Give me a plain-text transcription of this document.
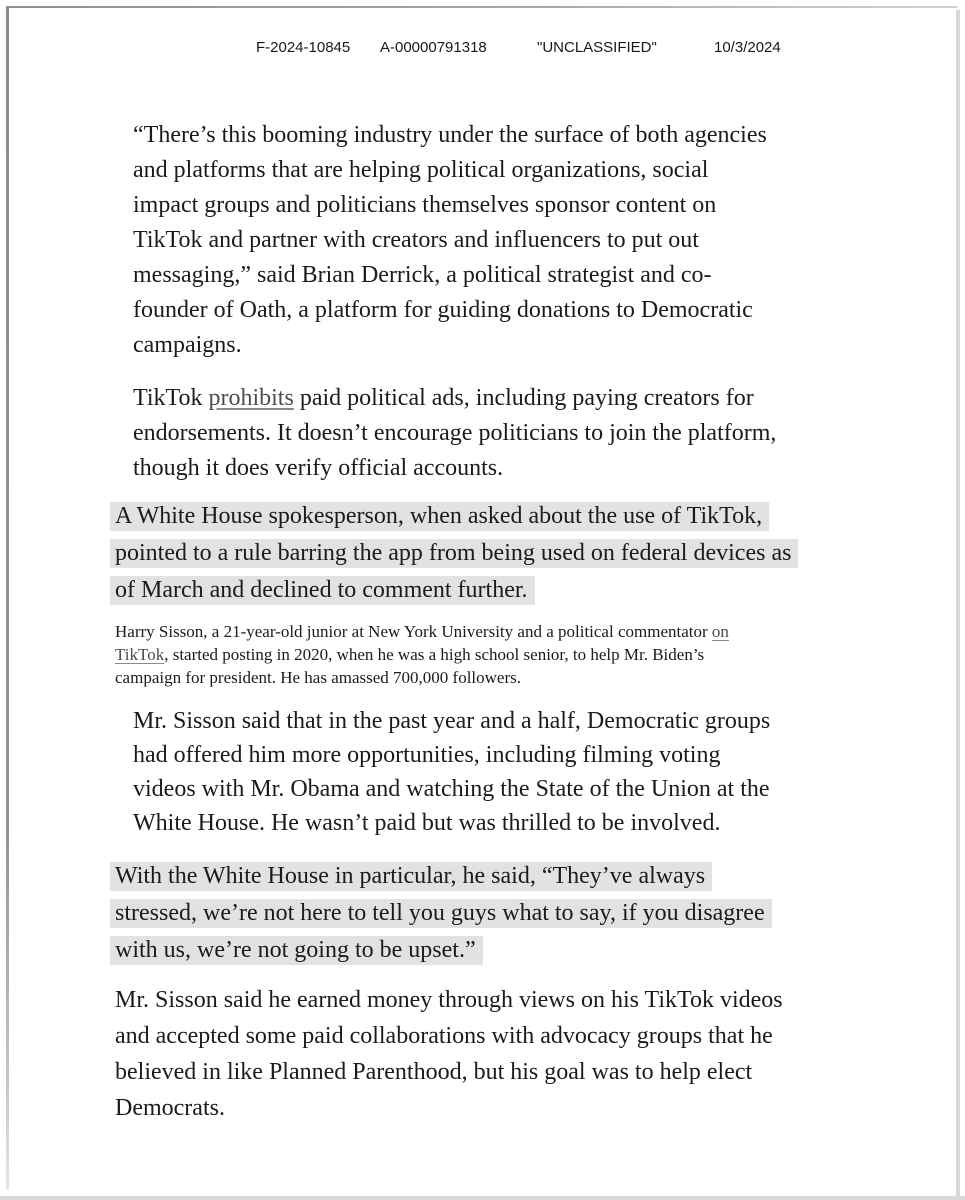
F-2024-10845 A-00000791318	"UNCLASSIFIED"	10/3/2024
“There’s this booming industry under the surface of both agencies
and platforms that are helping political organizations, social
impact groups and politicians themselves sponsor content on
TikTok and partner with creators and influencers to put out
messaging,” said Brian Derrick, a political strategist and co-
founder of Oath, a platform for guiding donations to Democratic
campaigns.
TikTok prohibits paid political ads, including paying creators for
endorsements. It doesn’t encourage politicians to join the platform,
though it does verify official accounts.
A White House spokesperson, when asked about the use of TikTok,
pointed to a rule barring the app from being used on federal devices as
of March and declined to comment further.
Harry Sisson, a 21-year-old junior at New York University and a political commentator on
TikTok, started posting in 2020, when he was a high school senior, to help Mr. Biden’s
campaign for president. He has amassed 700,000 followers.
Mr. Sisson said that in the past year and a half, Democratic groups
had offered him more opportunities, including filming voting
videos with Mr. Obama and watching the State of the Union at the
White House. He wasn’t paid but was thrilled to be involved.
With the White House in particular, he said, “They’ve always
stressed, we’re not here to tell you guys what to say, if you disagree
with us, we’re not going to be upset.”
Mr. Sisson said he earned money through views on his TikTok videos
and accepted some paid collaborations with advocacy groups that he
believed in like Planned Parenthood, but his goal was to help elect
Democrats.
